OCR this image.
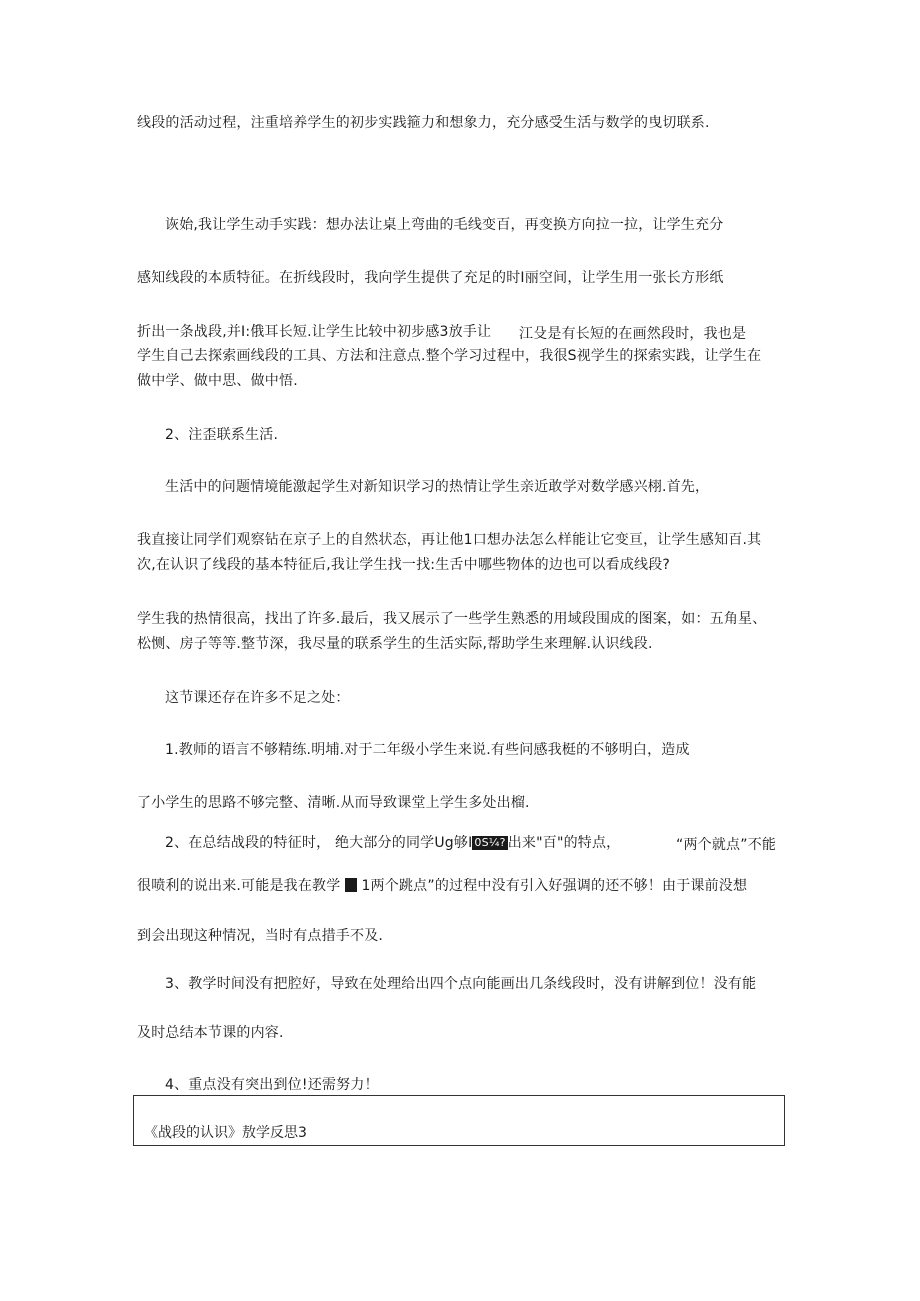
线段的活动过程，注重培养学生的初步实践箍力和想象力，充分感受生活与数学的曳切联系.
诙始,我让学生动手实践：想办法让桌上弯曲的毛线变百，再变换方向拉一拉，让学生充分
感知线段的本质特征。在折线段时，我向学生提供了充足的时I丽空间，让学生用一张长方形纸
折出一条战段,并I:俄耳长短.让学生比较中初步感3放手让 江殳是有长短的在画然段时，我也是
学生自己去探索画线段的工具、方法和注意点.整个学习过程中，我很S视学生的探索实践，让学生在
做中学、做中思、做中悟.
2、注歪联系生活.
生活中的问题情境能激起学生对新知识学习的热情让学生亲近敢学对数学感兴栩.首先，
我直接让同学们观察钻在京子上的自然状态，再让他1口想办法怎么样能让它变亘，让学生感知百.其
次,在认识了线段的基本特征后,我让学生找一找:生舌中哪些物体的边也可以看成线段?
学生我的热情很高，找出了许多.最后，我又展示了一些学生熟悉的用域段围成的图案，如：五角星、
松恻、房子等等.整节深，我尽量的联系学生的生活实际,帮助学生来理解.认识线段.
这节课还存在许多不足之处：
1.教师的语言不够精练.明埔.对于二年级小学生来说.有些问感我梃的不够明白，造成
了小学生的思路不够完整、清晰.从而导致课堂上学生多处出榴.
2、在总结战段的特征时， 绝大部分的同学Ug够I 0S¼? 出来"百"的特点，	“两个就点”不能
很喷利的说出来.可能是我在教学 1两个跳点”的过程中没有引入好强调的还不够！由于课前没想
到会出现这种情况，当时有点措手不及.
3、教学时间没有把腔好，导致在处理给出四个点向能画出几条线段时，没有讲解到位！没有能
及时总结本节课的内容.
4、重点没有突出到位!还需努力！
《战段的认识》敖学反思3
